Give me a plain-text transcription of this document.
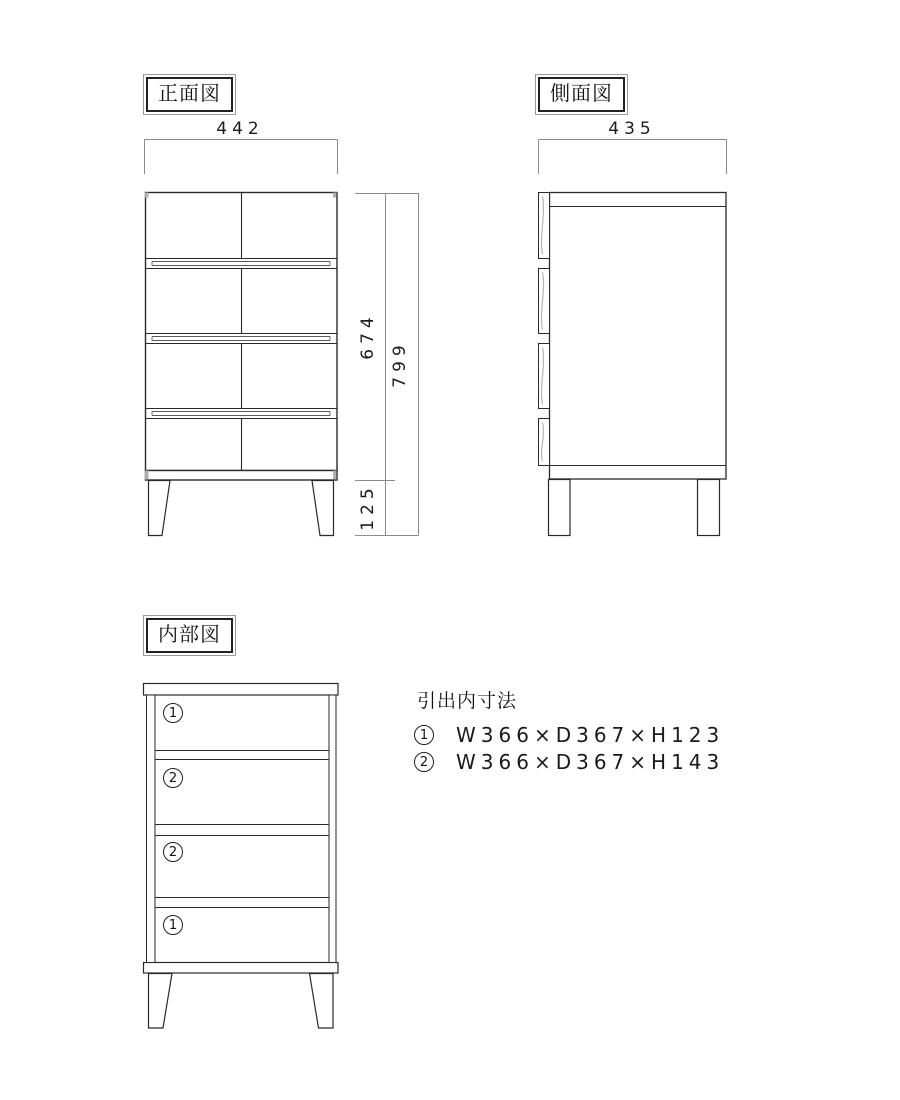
正面図
442
674
799
125
側面図
435
内部図
1
2
2
1
引出内寸法
1 W366×D367×H123
2 W366×D367×H143
